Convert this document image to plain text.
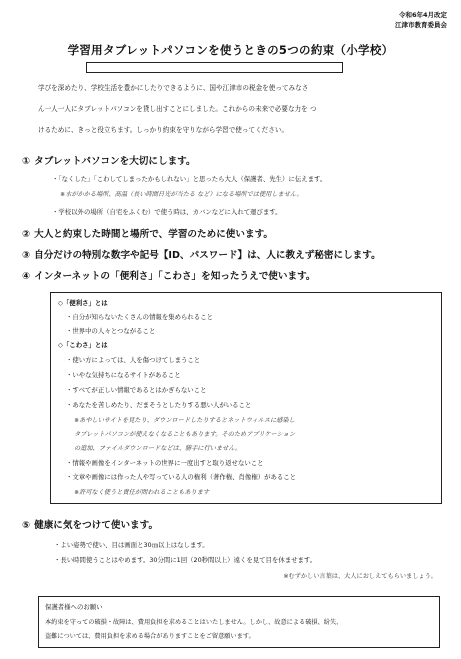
令和6年4月改定
江津市教育委員会
学習用タブレットパソコンを使うときの5つの約束（小学校）

学びを深めたり、学校生活を豊かにしたりできるように、国や江津市の税金を使ってみなさ

ん一人一人にタブレットパソコンを貸し出すことにしました。これからの未来で必要な力を つ

けるために、きっと役立ちます。しっかり約束を守りながら学習で使ってください。

① タブレットパソコンを大切にします。
・「なくした」「こわしてしまったかもしれない」と思ったら大人（保護者、先生）に伝えます。
※水がかかる場所、高温（長い時間日光が当たる など）になる場所では使用しません。
・学校以外の場所（自宅をふくむ）で使う時は、カバンなどに入れて運びます。
② 大人と約束した時間と場所で、学習のために使います。
③ 自分だけの特別な数字や記号【ID、パスワード】は、人に教えず秘密にします。
④ インターネットの「便利さ」「こわさ」を知ったうえで使います。
◇「便利さ」とは
・自分が知らないたくさんの情報を集められること
・世界中の人々とつながること
◇「こわさ」とは
・使い方によっては、人を傷つけてしまうこと
・いやな気持ちになるサイトがあること
・すべてが正しい情報であるとはかぎらないこと
・あなたを苦しめたり、だまそうとしたりする悪い人がいること
※あやしいサイトを見たり、ダウンロードしたりするとネットウィルスに感染し
タブレットパソコンが使えなくなることもあります。そのためアプリケーション
の追加、ファイルダウンロードなどは、勝手に行いません。
・情報や画像をインターネットの世界に一度出すと取り返せないこと
・文章や画像には作った人や写っている人の権利（著作権、肖像権）があること
※許可なく使うと責任が問われることもあります
⑤ 健康に気をつけて使います。
・よい姿勢で使い、目は画面と30㎝以上はなします。
・長い時間使うことはやめます。30分間に1回（20秒間以上）遠くを見て目を休ませます。
※むずかしい言葉は、大人におしえてもらいましょう。
保護者様へのお願い
本約束を守っての破損・故障は、費用負担を求めることはいたしません。しかし、故意による破損、紛失、
盗難については、費用負担を求める場合がありますことをご留意願います。
